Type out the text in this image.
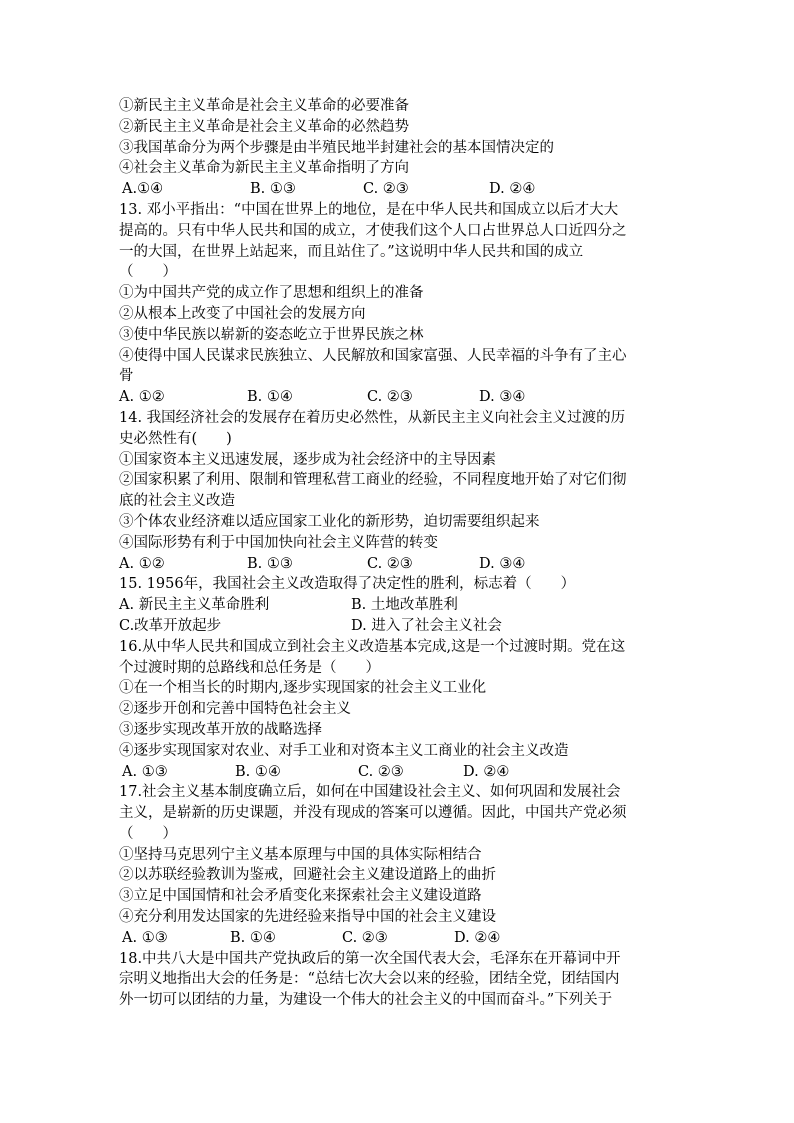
①新民主主义革命是社会主义革命的必要准备
②新民主主义革命是社会主义革命的必然趋势
③我国革命分为两个步骤是由半殖民地半封建社会的基本国情决定的
④社会主义革命为新民主主义革命指明了方向
A.①④	B. ①③	C. ②③	D. ②④
13. 邓小平指出：“中国在世界上的地位，是在中华人民共和国成立以后才大大
提高的。只有中华人民共和国的成立，才使我们这个人口占世界总人口近四分之
一的大国，在世界上站起来，而且站住了。”这说明中华人民共和国的成立
（　　）
①为中国共产党的成立作了思想和组织上的准备
②从根本上改变了中国社会的发展方向
③使中华民族以崭新的姿态屹立于世界民族之林
④使得中国人民谋求民族独立、人民解放和国家富强、人民幸福的斗争有了主心
骨
A. ①②	B. ①④	C. ②③	D. ③④
14. 我国经济社会的发展存在着历史必然性，从新民主主义向社会主义过渡的历
史必然性有(　　)
①国家资本主义迅速发展，逐步成为社会经济中的主导因素
②国家积累了利用、限制和管理私营工商业的经验，不同程度地开始了对它们彻
底的社会主义改造
③个体农业经济难以适应国家工业化的新形势，迫切需要组织起来
④国际形势有利于中国加快向社会主义阵营的转变
A. ①②	B. ①③	C. ②③	D. ③④
15. 1956年，我国社会主义改造取得了决定性的胜利，标志着（　　）
A. 新民主主义革命胜利	B. 土地改革胜利
C.改革开放起步	D. 进入了社会主义社会
16.从中华人民共和国成立到社会主义改造基本完成,这是一个过渡时期。党在这
个过渡时期的总路线和总任务是（　　）
①在一个相当长的时期内,逐步实现国家的社会主义工业化
②逐步开创和完善中国特色社会主义
③逐步实现改革开放的战略选择
④逐步实现国家对农业、对手工业和对资本主义工商业的社会主义改造
A. ①③	B. ①④	C. ②③	D. ②④
17.社会主义基本制度确立后，如何在中国建设社会主义、如何巩固和发展社会
主义，是崭新的历史课题，并没有现成的答案可以遵循。因此，中国共产党必须
（　　）
①坚持马克思列宁主义基本原理与中国的具体实际相结合
②以苏联经验教训为鉴戒，回避社会主义建设道路上的曲折
③立足中国国情和社会矛盾变化来探索社会主义建设道路
④充分利用发达国家的先进经验来指导中国的社会主义建设
A. ①③	B. ①④	C. ②③	D. ②④
18.中共八大是中国共产党执政后的第一次全国代表大会，毛泽东在开幕词中开
宗明义地指出大会的任务是：“总结七次大会以来的经验，团结全党，团结国内
外一切可以团结的力量，为建设一个伟大的社会主义的中国而奋斗。”下列关于
